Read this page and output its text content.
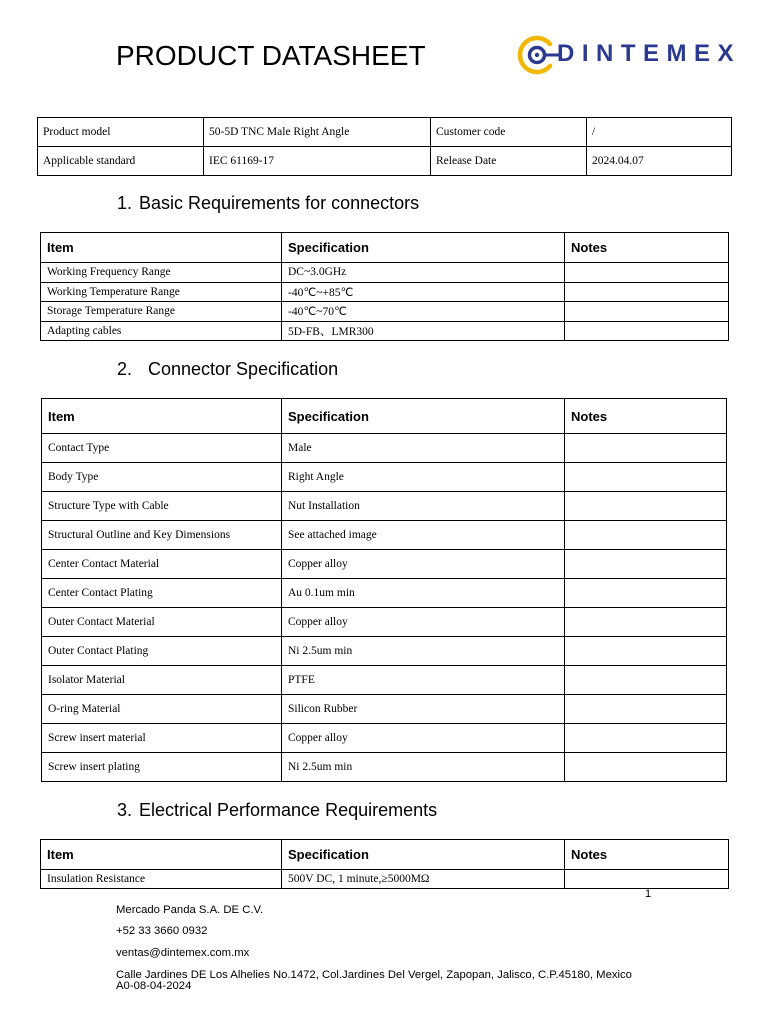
PRODUCT DATASHEET	DINTEMEX
Product model	50-5D TNC Male Right Angle	Customer code	/
Applicable standard	IEC 61169-17	Release Date	2024.04.07
1. Basic Requirements for connectors
Item	Specification	Notes
Working Frequency Range	DC~3.0GHz	
Working Temperature Range	-40℃~+85℃	
Storage Temperature Range	-40℃~70℃	
Adapting cables	5D-FB、LMR300	
2. Connector Specification
Item	Specification	Notes
Contact Type	Male	
Body Type	Right Angle	
Structure Type with Cable	Nut Installation	
Structural Outline and Key Dimensions	See attached image	
Center Contact Material	Copper alloy	
Center Contact Plating	Au 0.1um min	
Outer Contact Material	Copper alloy	
Outer Contact Plating	Ni 2.5um min	
Isolator Material	PTFE	
O-ring Material	Silicon Rubber	
Screw insert material	Copper alloy	
Screw insert plating	Ni 2.5um min	
3. Electrical Performance Requirements
Item	Specification	Notes
Insulation Resistance	500V DC, 1 minute,≥5000MΩ	
1
Mercado Panda S.A. DE C.V.
+52 33 3660 0932
ventas@dintemex.com.mx
Calle Jardines DE Los Alhelies No.1472, Col.Jardines Del Vergel, Zapopan, Jalisco, C.P.45180, Mexico
A0-08-04-2024
